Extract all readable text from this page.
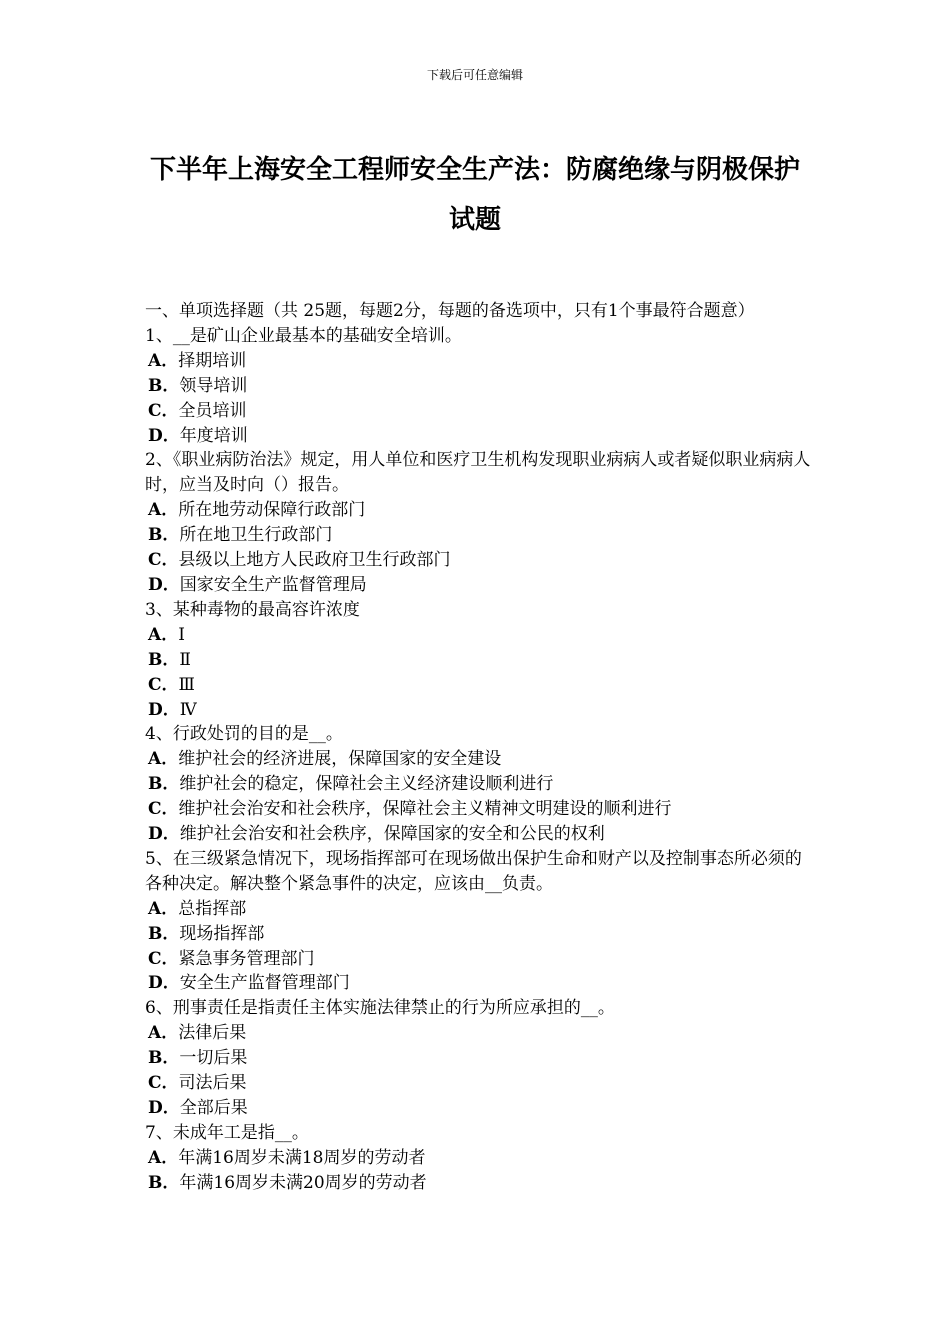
下载后可任意编辑
下半年上海安全工程师安全生产法：防腐绝缘与阴极保护
试题
一、单项选择题（共 25题，每题2分，每题的备选项中，只有1个事最符合题意）
1、__是矿山企业最基本的基础安全培训。
A．择期培训
B．领导培训
C．全员培训
D．年度培训
2、《职业病防治法》规定，用人单位和医疗卫生机构发现职业病病人或者疑似职业病病人时，应当及时向（）报告。
A．所在地劳动保障行政部门
B．所在地卫生行政部门
C．县级以上地方人民政府卫生行政部门
D．国家安全生产监督管理局
3、某种毒物的最高容许浓度
A．Ⅰ
B．Ⅱ
C．Ⅲ
D．Ⅳ
4、行政处罚的目的是__。
A．维护社会的经济进展，保障国家的安全建设
B．维护社会的稳定，保障社会主义经济建设顺利进行
C．维护社会治安和社会秩序，保障社会主义精神文明建设的顺利进行
D．维护社会治安和社会秩序，保障国家的安全和公民的权利
5、在三级紧急情况下，现场指挥部可在现场做出保护生命和财产以及控制事态所必须的各种决定。解决整个紧急事件的决定，应该由__负责。
A．总指挥部
B．现场指挥部
C．紧急事务管理部门
D．安全生产监督管理部门
6、刑事责任是指责任主体实施法律禁止的行为所应承担的__。
A．法律后果
B．一切后果
C．司法后果
D．全部后果
7、未成年工是指__。
A．年满16周岁未满18周岁的劳动者
B．年满16周岁未满20周岁的劳动者
